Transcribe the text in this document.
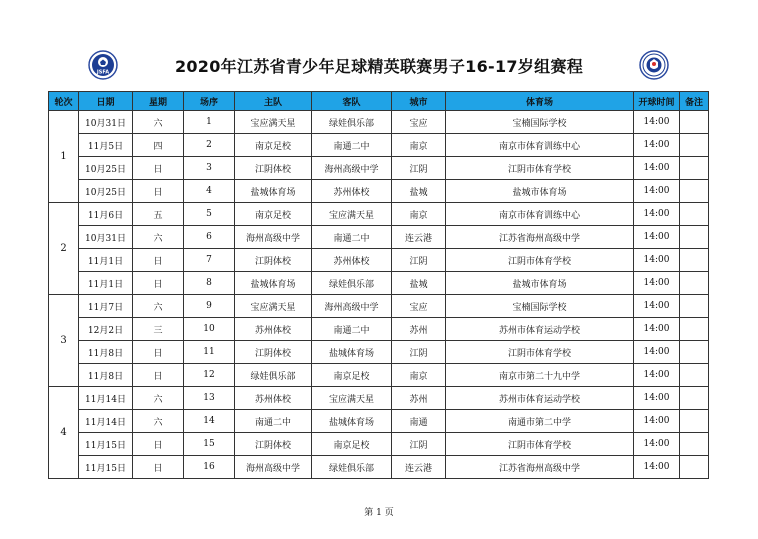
JSFA	2020年江苏省青少年足球精英联赛男子16-17岁组赛程
轮次	日期	星期	场序	主队	客队	城市	体育场	开球时间	备注
1	10月31日	六	1	宝应满天星	绿娃俱乐部	宝应	宝楠国际学校	14:00	
	11月5日	四	2	南京足校	南通二中	南京	南京市体育训练中心	14:00	
	10月25日	日	3	江阴体校	海州高级中学	江阴	江阴市体育学校	14:00	
	10月25日	日	4	盐城体育场	苏州体校	盐城	盐城市体育场	14:00	
2	11月6日	五	5	南京足校	宝应满天星	南京	南京市体育训练中心	14:00	
	10月31日	六	6	海州高级中学	南通二中	连云港	江苏省海州高级中学	14:00	
	11月1日	日	7	江阴体校	苏州体校	江阴	江阴市体育学校	14:00	
	11月1日	日	8	盐城体育场	绿娃俱乐部	盐城	盐城市体育场	14:00	
3	11月7日	六	9	宝应满天星	海州高级中学	宝应	宝楠国际学校	14:00	
	12月2日	三	10	苏州体校	南通二中	苏州	苏州市体育运动学校	14:00	
	11月8日	日	11	江阴体校	盐城体育场	江阴	江阴市体育学校	14:00	
	11月8日	日	12	绿娃俱乐部	南京足校	南京	南京市第二十九中学	14:00	
4	11月14日	六	13	苏州体校	宝应满天星	苏州	苏州市体育运动学校	14:00	
	11月14日	六	14	南通二中	盐城体育场	南通	南通市第二中学	14:00	
	11月15日	日	15	江阴体校	南京足校	江阴	江阴市体育学校	14:00	
	11月15日	日	16	海州高级中学	绿娃俱乐部	连云港	江苏省海州高级中学	14:00	
第 1 页
